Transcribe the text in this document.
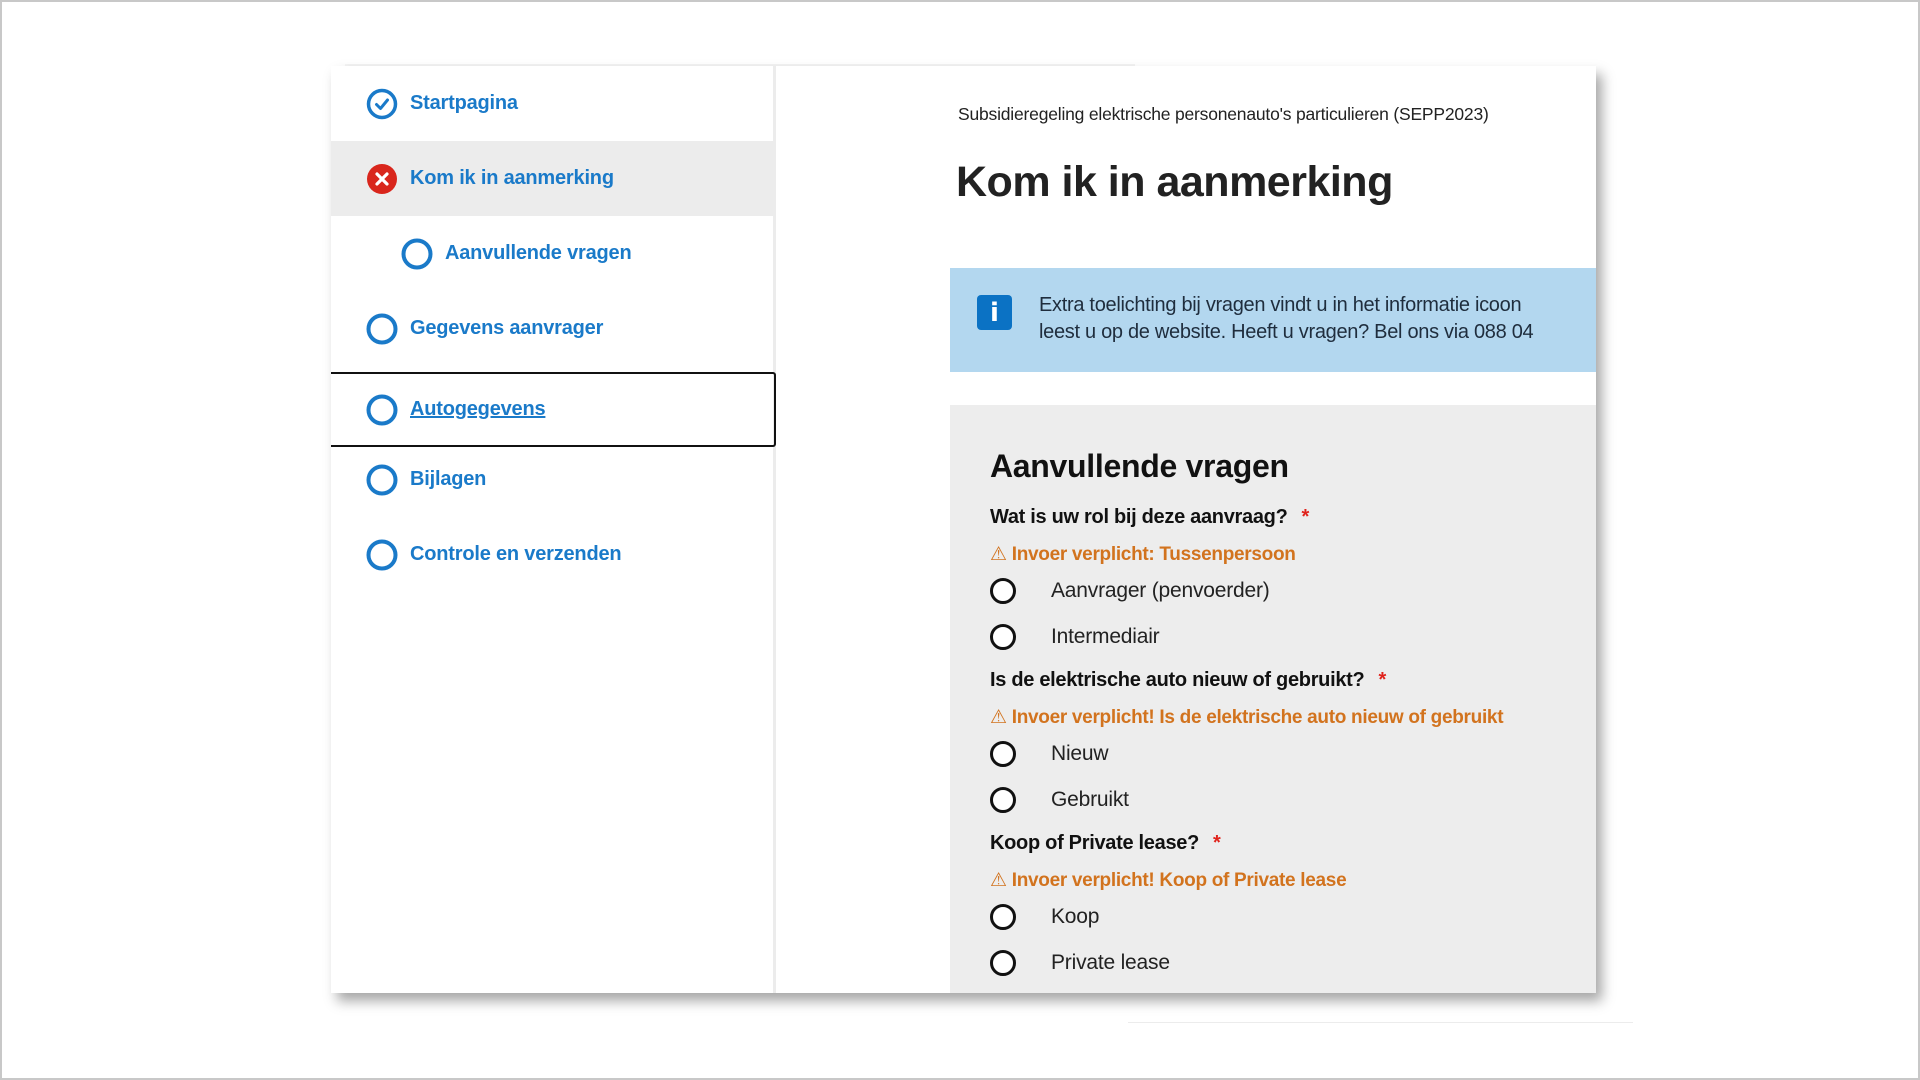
Startpagina
Kom ik in aanmerking
Aanvullende vragen
Gegevens aanvrager
Autogegevens
Bijlagen
Controle en verzenden
Subsidieregeling elektrische personenauto's particulieren (SEPP2023)
Kom ik in aanmerking
i	Extra toelichting bij vragen vindt u in het informatie icoon
leest u op de website. Heeft u vragen? Bel ons via 088 04
Aanvullende vragen
Wat is uw rol bij deze aanvraag? *
⚠ Invoer verplicht: Tussenpersoon
Aanvrager (penvoerder)
Intermediair
Is de elektrische auto nieuw of gebruikt? *
⚠ Invoer verplicht! Is de elektrische auto nieuw of gebruikt
Nieuw
Gebruikt
Koop of Private lease? *
⚠ Invoer verplicht! Koop of Private lease
Koop
Private lease
